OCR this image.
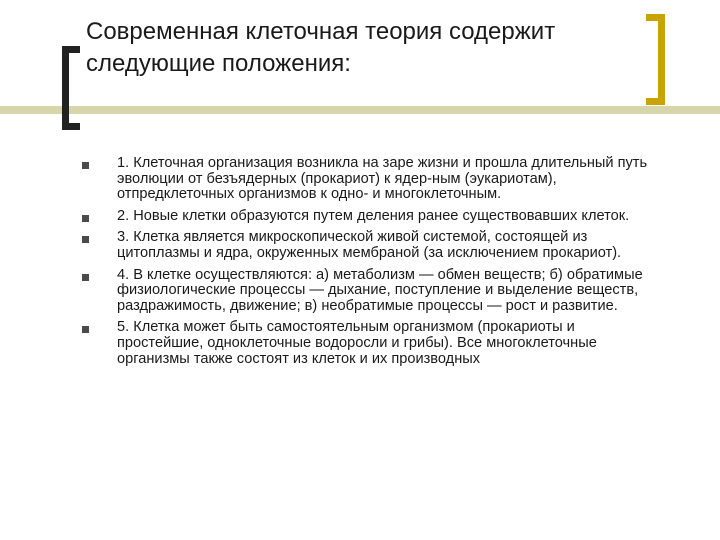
Современная клеточная теория содержит следующие положения:
1. Клеточная организация возникла на заре жизни и прошла длительный путь эволюции от безъядерных (прокариот) к ядер-ным (эукариотам), отпредклеточных организмов к одно- и многоклеточным.
2. Новые клетки образуются путем деления ранее существовавших клеток.
3. Клетка является микроскопической живой системой, состоящей из цитоплазмы и ядра, окруженных мембраной (за исключением прокариот).
4. В клетке осуществляются: а) метаболизм — обмен веществ; б) обратимые физиологические процессы — дыхание, поступление и выделение веществ, раздражимость, движение; в) необратимые процессы — рост и развитие.
5. Клетка может быть самостоятельным организмом (прокариоты и простейшие, одноклеточные водоросли и грибы). Все многоклеточные организмы также состоят из клеток и их производных
